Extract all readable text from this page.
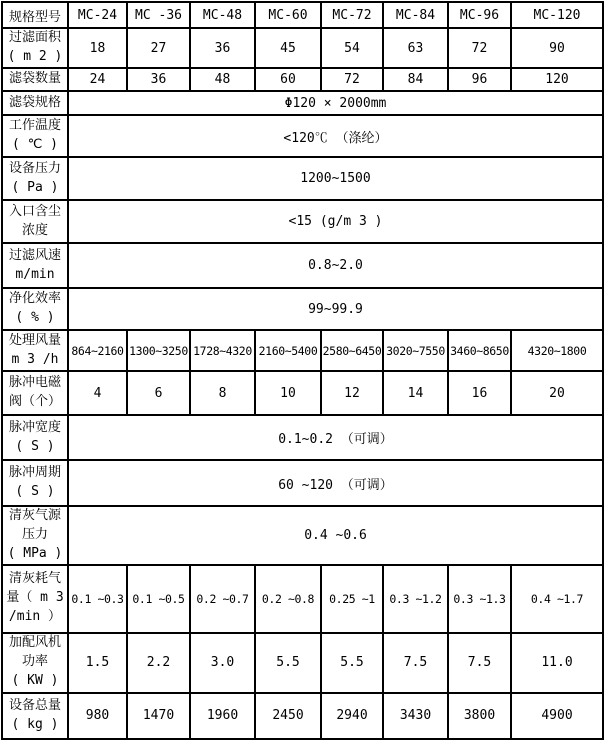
规格型号	MC-24	MC -36	MC-48	MC-60	MC-72	MC-84	MC-96	MC-120

过滤面积
( m 2 )	18	27	36	45	54	63	72	90

滤袋数量	24	36	48	60	72	84	96	120

滤袋规格	Φ120 × 2000mm							

工作温度
( ℃ )	<120℃ （涤纶）							

设备压力
( Pa )	1200~1500							

入口含尘
浓度	<15 (g/m 3 )							

过滤风速
m/min	0.8~2.0							

净化效率
( % )	99~99.9							

处理风量
m 3 /h	864~2160	1300~3250	1728~4320	2160~5400	2580~6450	3020~7550	3460~8650	4320~1800

脉冲电磁
阀（个）	4	6	8	10	12	14	16	20

脉冲宽度
( S )	0.1~0.2 （可调）							

脉冲周期
( S )	60 ~120 （可调）							

清灰气源
压力
( MPa )	0.4 ~0.6							

清灰耗气
量（ m 3
/min ）	0.1 ~0.3	0.1 ~0.5	0.2 ~0.7	0.2 ~0.8	0.25 ~1	0.3 ~1.2	0.3 ~1.3	0.4 ~1.7

加配风机
功率
( KW )	1.5	2.2	3.0	5.5	5.5	7.5	7.5	11.0

设备总量
( kg )	980	1470	1960	2450	2940	3430	3800	4900
